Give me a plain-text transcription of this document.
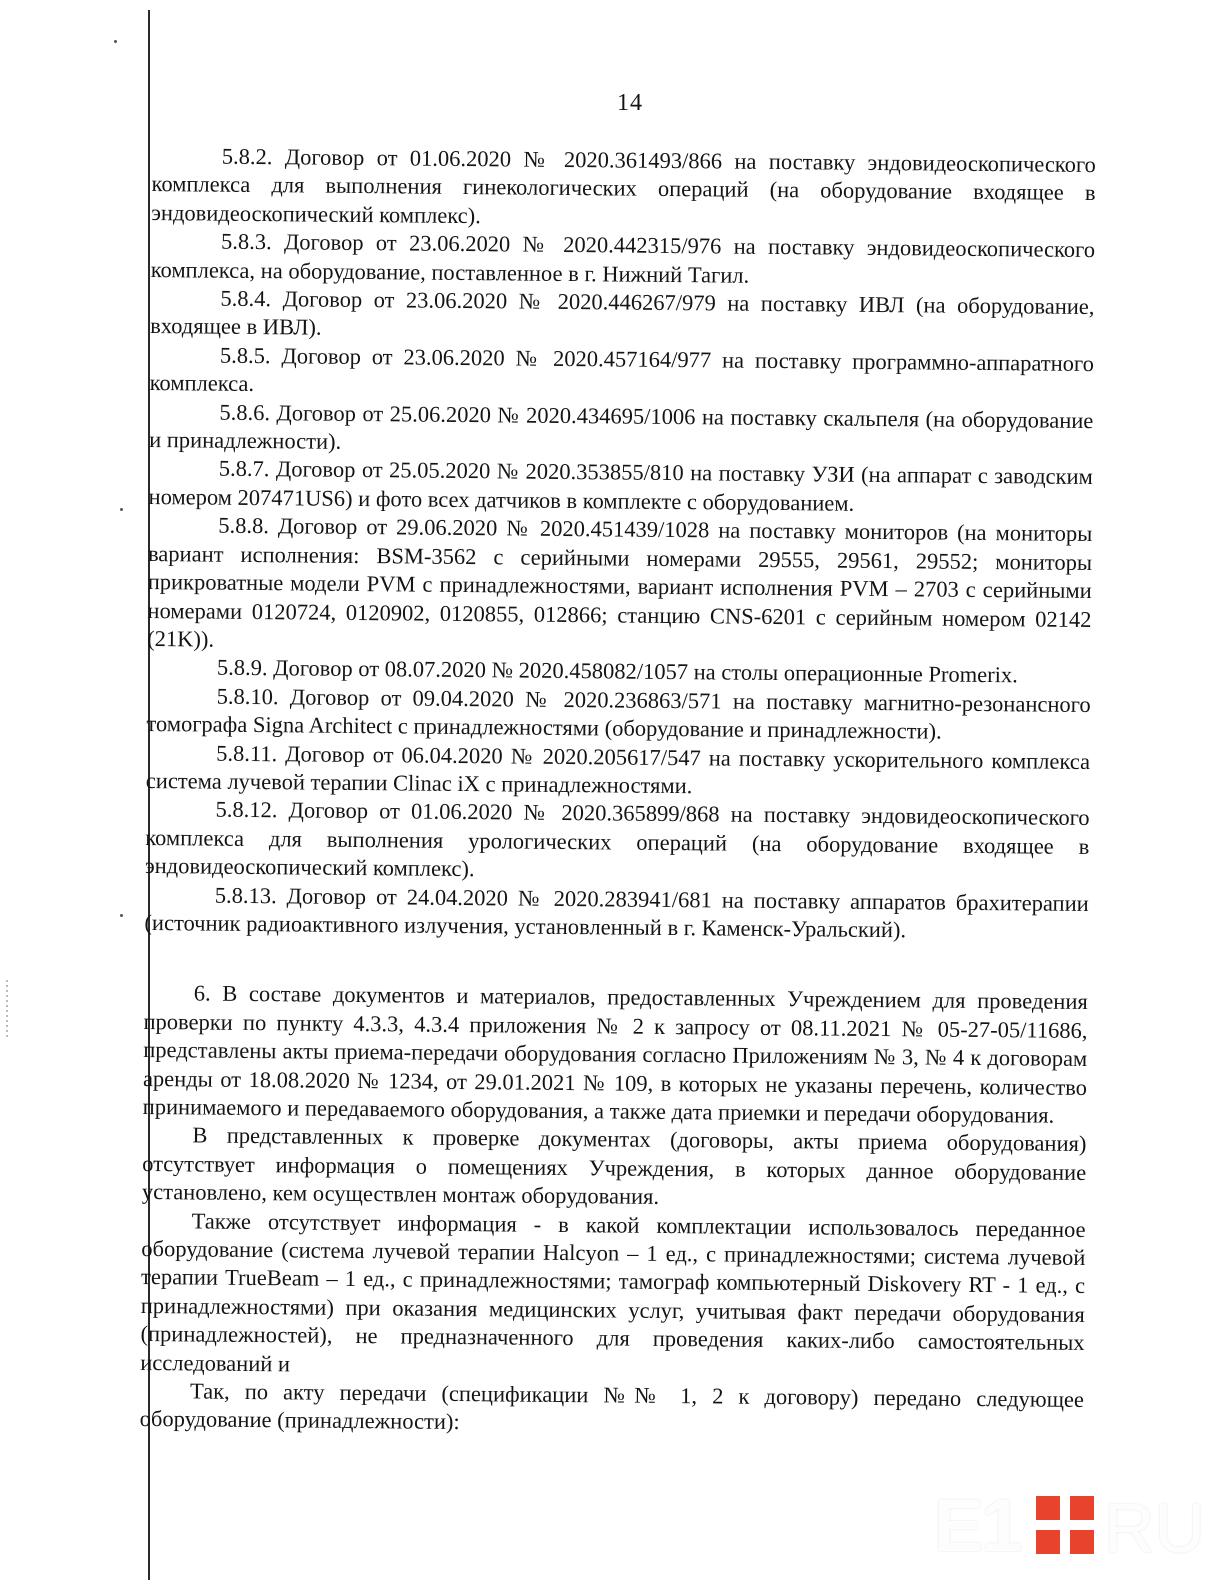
14

5.8.2. Договор от 01.06.2020 № 2020.361493/866 на поставку эндовидеоскопического комплекса для выполнения гинекологических операций (на оборудование входящее в эндовидеоскопический комплекс).

5.8.3. Договор от 23.06.2020 № 2020.442315/976 на поставку эндовидеоскопического комплекса, на оборудование, поставленное в г. Нижний Тагил.

5.8.4. Договор от 23.06.2020 № 2020.446267/979 на поставку ИВЛ (на оборудование, входящее в ИВЛ).

5.8.5. Договор от 23.06.2020 № 2020.457164/977 на поставку программно-аппаратного комплекса.

5.8.6. Договор от 25.06.2020 № 2020.434695/1006 на поставку скальпеля (на оборудование и принадлежности).

5.8.7. Договор от 25.05.2020 № 2020.353855/810 на поставку УЗИ (на аппарат с заводским номером 207471US6) и фото всех датчиков в комплекте с оборудованием.

5.8.8. Договор от 29.06.2020 № 2020.451439/1028 на поставку мониторов (на мониторы вариант исполнения: BSM-3562 с серийными номерами 29555, 29561, 29552; мониторы прикроватные модели PVM с принадлежностями, вариант исполнения PVM – 2703 с серийными номерами 0120724, 0120902, 0120855, 012866; станцию CNS-6201 с серийным номером 02142 (21K)).

5.8.9. Договор от 08.07.2020 № 2020.458082/1057 на столы операционные Promerix.

5.8.10. Договор от 09.04.2020 № 2020.236863/571 на поставку магнитно-резонансного томографа Signa Architect с принадлежностями (оборудование и принадлежности).

5.8.11. Договор от 06.04.2020 № 2020.205617/547 на поставку ускорительного комплекса система лучевой терапии Clinac iX с принадлежностями.

5.8.12. Договор от 01.06.2020 № 2020.365899/868 на поставку эндовидеоскопического комплекса для выполнения урологических операций (на оборудование входящее в эндовидеоскопический комплекс).

5.8.13. Договор от 24.04.2020 № 2020.283941/681 на поставку аппаратов брахитерапии (источник радиоактивного излучения, установленный в г. Каменск-Уральский).

6. В составе документов и материалов, предоставленных Учреждением для проведения проверки по пункту 4.3.3, 4.3.4 приложения № 2 к запросу от 08.11.2021 № 05-27-05/11686, представлены акты приема-передачи оборудования согласно Приложениям № 3, № 4 к договорам аренды от 18.08.2020 № 1234, от 29.01.2021 № 109, в которых не указаны перечень, количество принимаемого и передаваемого оборудования, а также дата приемки и передачи оборудования.

В представленных к проверке документах (договоры, акты приема оборудования) отсутствует информация о помещениях Учреждения, в которых данное оборудование установлено, кем осуществлен монтаж оборудования.

Также отсутствует информация - в какой комплектации использовалось переданное оборудование (система лучевой терапии Halcyon – 1 ед., с принадлежностями; система лучевой терапии TrueBeam – 1 ед., с принадлежностями; тамограф компьютерный Diskovery RT - 1 ед., с принадлежностями) при оказания медицинских услуг, учитывая факт передачи оборудования (принадлежностей), не предназначенного для проведения каких-либо самостоятельных исследований и

Так, по акту передачи (спецификации №№ 1, 2 к договору) передано следующее оборудование (принадлежности):

E1 RU
